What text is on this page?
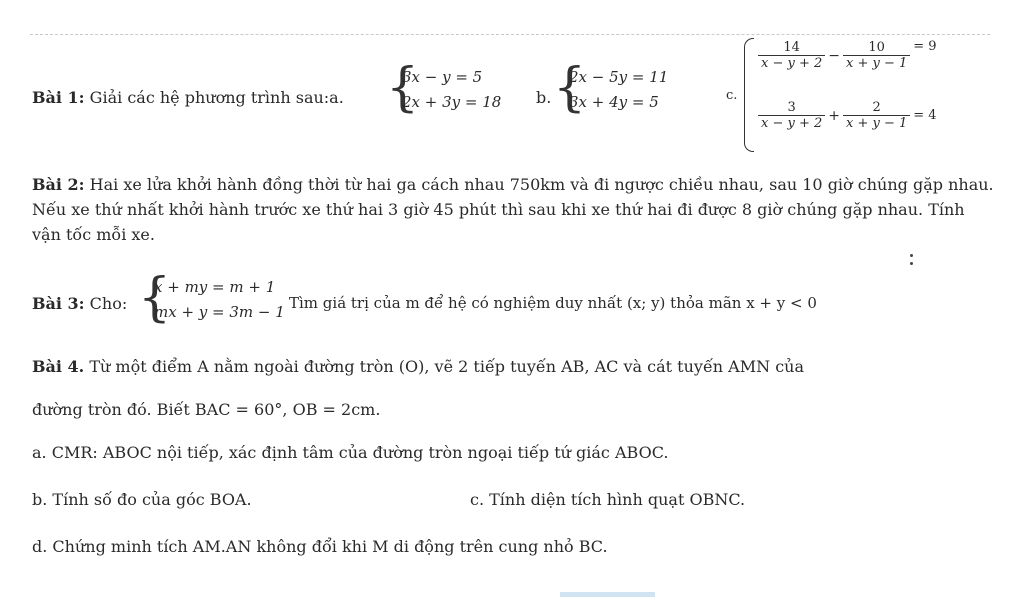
Bài 1: Giải các hệ phương trình sau:a. {
3x − y = 5
2x + 3y = 18 b. {
2x − 5y = 11
3x + 4y = 5	c.
$\frac{14}{x - y + 2} - \frac{10}{x + y - 1} = 9$
$\frac{3}{x - y + 2} + \frac{2}{x + y - 1} = 4$
Bài 2: Hai xe lửa khởi hành đồng thời từ hai ga cách nhau 750km và đi ngược chiều nhau, sau 10 giờ chúng gặp nhau. Nếu xe thứ nhất khởi hành trước xe thứ hai 3 giờ 45 phút thì sau khi xe thứ hai đi được 8 giờ chúng gặp nhau. Tính vận tốc mỗi xe.
Bài 3: Cho: {
x + my = m + 1
mx + y = 3m − 1 Tìm giá trị của m để hệ có nghiệm duy nhất (x; y) thỏa mãn x + y < 0
Bài 4. Từ một điểm A nằm ngoài đường tròn (O), vẽ 2 tiếp tuyến AB, AC và cát tuyến AMN của
đường tròn đó. Biết BAC = 60°, OB = 2cm.
a. CMR: ABOC nội tiếp, xác định tâm của đường tròn ngoại tiếp tứ giác ABOC.
b. Tính số đo của góc BOA.	c. Tính diện tích hình quạt OBNC.
d. Chứng minh tích AM.AN không đổi khi M di động trên cung nhỏ BC.
